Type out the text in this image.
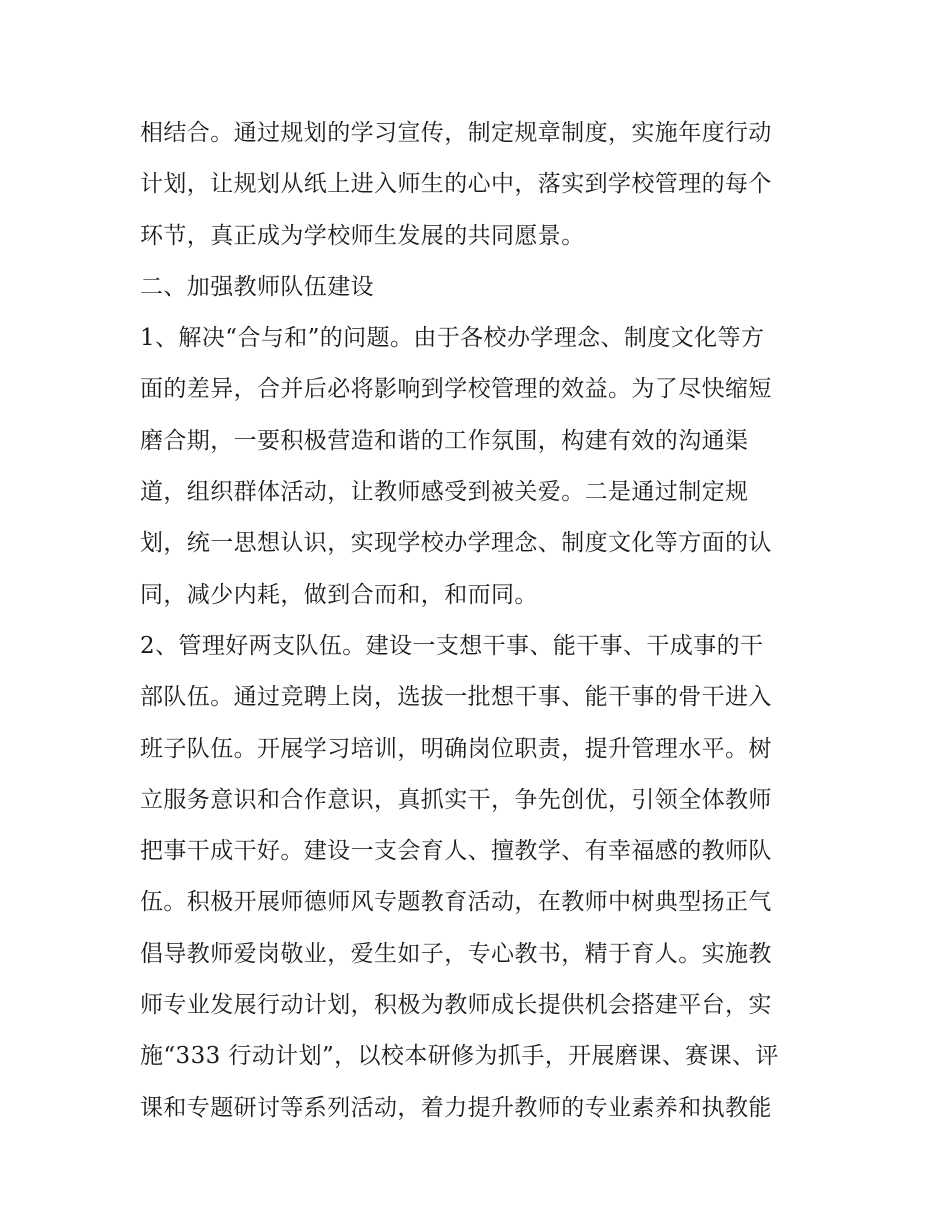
相结合。通过规划的学习宣传，制定规章制度，实施年度行动
计划，让规划从纸上进入师生的心中，落实到学校管理的每个
环节，真正成为学校师生发展的共同愿景。
二、加强教师队伍建设
1、解决“合与和”的问题。由于各校办学理念、制度文化等方
面的差异，合并后必将影响到学校管理的效益。为了尽快缩短
磨合期，一要积极营造和谐的工作氛围，构建有效的沟通渠
道，组织群体活动，让教师感受到被关爱。二是通过制定规
划，统一思想认识，实现学校办学理念、制度文化等方面的认
同，减少内耗，做到合而和，和而同。
2、管理好两支队伍。建设一支想干事、能干事、干成事的干
部队伍。通过竞聘上岗，选拔一批想干事、能干事的骨干进入
班子队伍。开展学习培训，明确岗位职责，提升管理水平。树
立服务意识和合作意识，真抓实干，争先创优，引领全体教师
把事干成干好。建设一支会育人、擅教学、有幸福感的教师队
伍。积极开展师德师风专题教育活动，在教师中树典型扬正气
倡导教师爱岗敬业，爱生如子，专心教书，精于育人。实施教
师专业发展行动计划，积极为教师成长提供机会搭建平台，实
施“333 行动计划”，以校本研修为抓手，开展磨课、赛课、评
课和专题研讨等系列活动，着力提升教师的专业素养和执教能
